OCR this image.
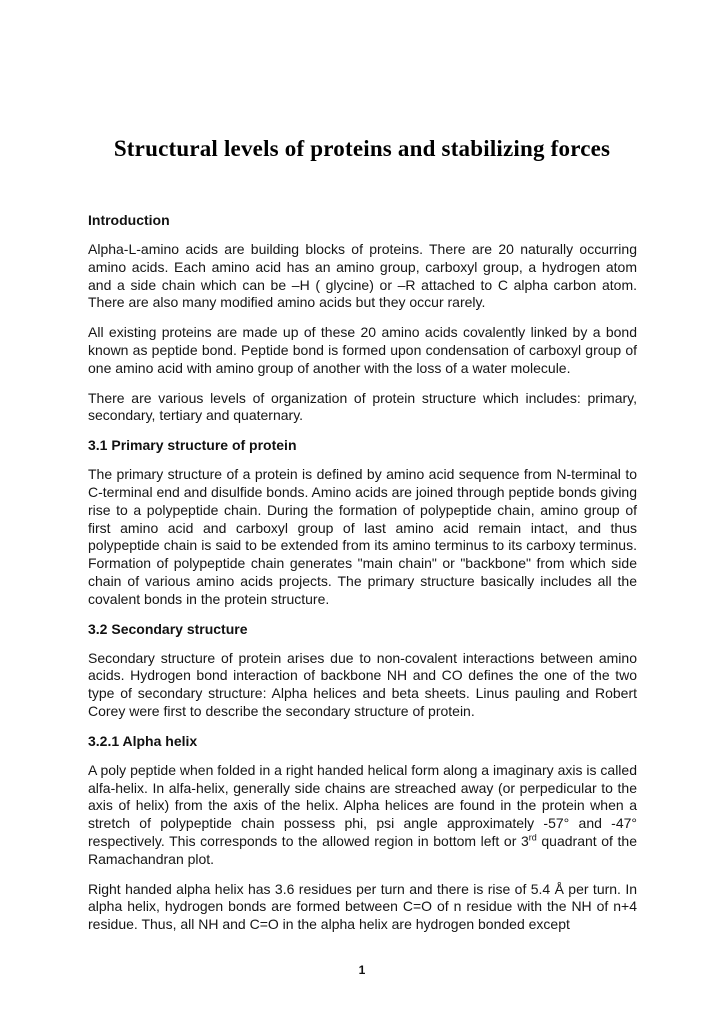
Structural levels of proteins and stabilizing forces
Introduction

Alpha-L-amino acids are building blocks of proteins. There are 20 naturally occurring amino acids. Each amino acid has an amino group, carboxyl group, a hydrogen atom and a side chain which can be –H ( glycine) or –R attached to C alpha carbon atom. There are also many modified amino acids but they occur rarely.

All existing proteins are made up of these 20 amino acids covalently linked by a bond known as peptide bond. Peptide bond is formed upon condensation of carboxyl group of one amino acid with amino group of another with the loss of a water molecule.

There are various levels of organization of protein structure which includes: primary, secondary, tertiary and quaternary.

3.1 Primary structure of protein

The primary structure of a protein is defined by amino acid sequence from N-terminal to C-terminal end and disulfide bonds. Amino acids are joined through peptide bonds giving rise to a polypeptide chain. During the formation of polypeptide chain, amino group of first amino acid and carboxyl group of last amino acid remain intact, and thus polypeptide chain is said to be extended from its amino terminus to its carboxy terminus. Formation of polypeptide chain generates "main chain" or "backbone" from which side chain of various amino acids projects. The primary structure basically includes all the covalent bonds in the protein structure.

3.2 Secondary structure

Secondary structure of protein arises due to non-covalent interactions between amino acids. Hydrogen bond interaction of backbone NH and CO defines the one of the two type of secondary structure: Alpha helices and beta sheets. Linus pauling and Robert Corey were first to describe the secondary structure of protein.

3.2.1 Alpha helix

A poly peptide when folded in a right handed helical form along a imaginary axis is called alfa-helix. In alfa-helix, generally side chains are streached away (or perpedicular to the axis of helix) from the axis of the helix. Alpha helices are found in the protein when a stretch of polypeptide chain possess phi, psi angle approximately -57° and -47° respectively. This corresponds to the allowed region in bottom left or 3rd quadrant of the Ramachandran plot.

Right handed alpha helix has 3.6 residues per turn and there is rise of 5.4 Å per turn. In alpha helix, hydrogen bonds are formed between C=O of n residue with the NH of n+4 residue. Thus, all NH and C=O in the alpha helix are hydrogen bonded except

1
